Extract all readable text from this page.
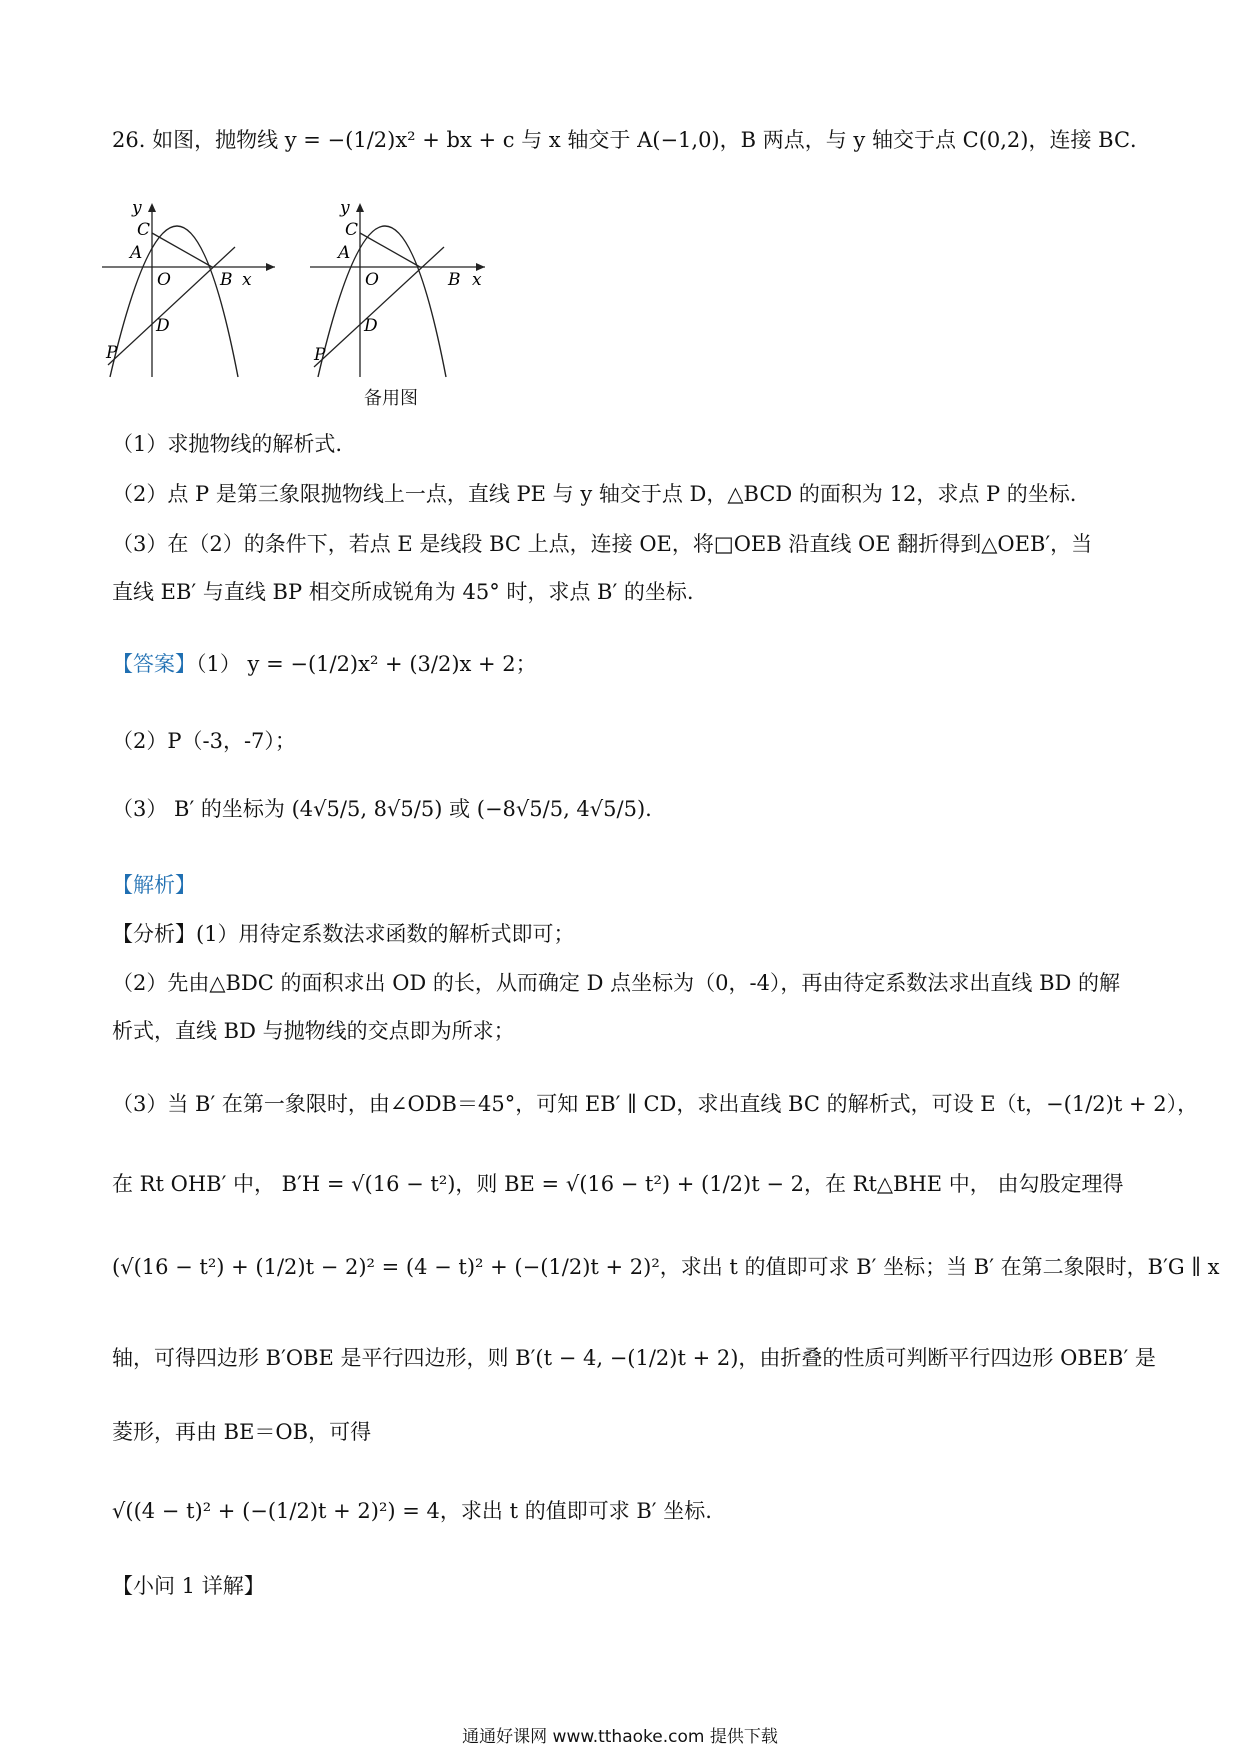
26. 如图，抛物线 y = −(1/2)x² + bx + c 与 x 轴交于 A(−1,0)，B 两点，与 y 轴交于点 C(0,2)，连接 BC．
y
C
A
O	B x
D
P
y
C
A
O	B x
D
P
备用图
（1）求抛物线的解析式.
（2）点 P 是第三象限抛物线上一点，直线 PE 与 y 轴交于点 D，△BCD 的面积为 12，求点 P 的坐标.
（3）在（2）的条件下，若点 E 是线段 BC 上点，连接 OE，将□OEB 沿直线 OE 翻折得到△OEB′，当
直线 EB′ 与直线 BP 相交所成锐角为 45° 时，求点 B′ 的坐标.
【答案】（1） y = −(1/2)x² + (3/2)x + 2；
（2）P（-3，-7）；
（3） B′ 的坐标为 (4√5/5, 8√5/5) 或 (−8√5/5, 4√5/5).
【解析】
【分析】(1）用待定系数法求函数的解析式即可；
（2）先由△BDC 的面积求出 OD 的长，从而确定 D 点坐标为（0，-4），再由待定系数法求出直线 BD 的解
析式，直线 BD 与抛物线的交点即为所求；
（3）当 B′ 在第一象限时，由∠ODB＝45°，可知 EB′ ∥ CD，求出直线 BC 的解析式，可设 E（t，−(1/2)t + 2），
在 Rt OHB′ 中， B′H = √(16 − t²)，则 BE = √(16 − t²) + (1/2)t − 2，在 Rt△BHE 中， 由勾股定理得
(√(16 − t²) + (1/2)t − 2)² = (4 − t)² + (−(1/2)t + 2)²，求出 t 的值即可求 B′ 坐标；当 B′ 在第二象限时，B′G ∥ x
轴，可得四边形 B′OBE 是平行四边形，则 B′(t − 4, −(1/2)t + 2)，由折叠的性质可判断平行四边形 OBEB′ 是
菱形，再由 BE＝OB，可得
√((4 − t)² + (−(1/2)t + 2)²) = 4，求出 t 的值即可求 B′ 坐标.
【小问 1 详解】
通通好课网 www.tthaoke.com 提供下载
